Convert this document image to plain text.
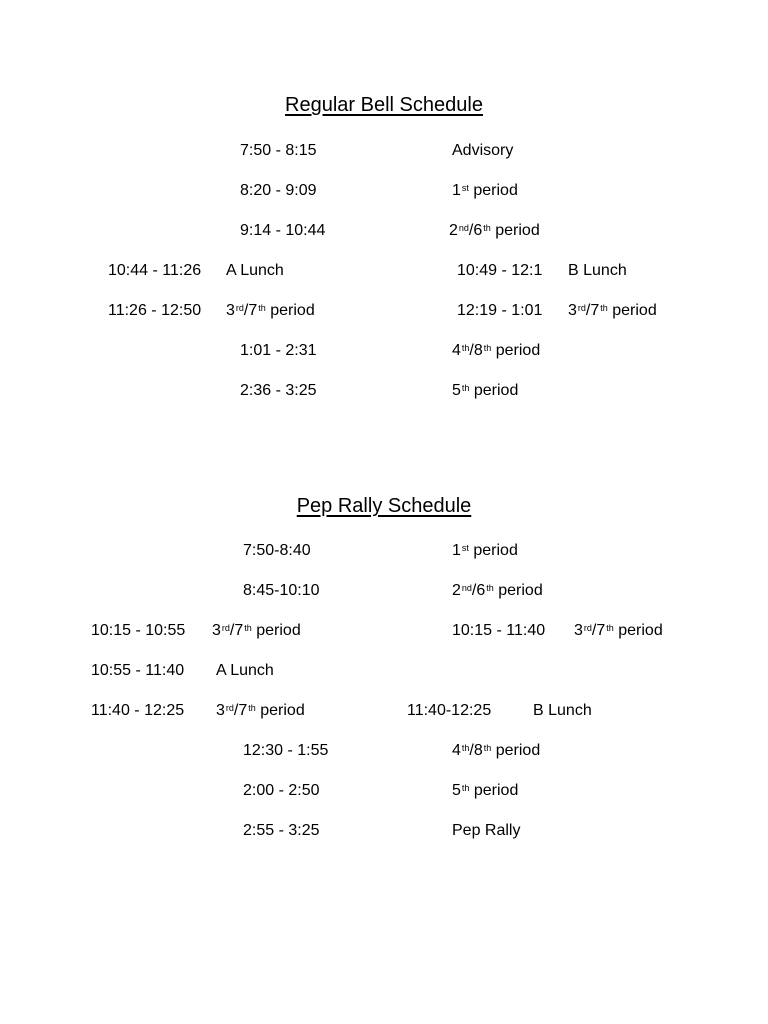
Regular Bell Schedule
7:50 - 8:15	Advisory
8:20 - 9:09	1st period
9:14 - 10:44	2nd/6th period
10:44 - 11:26 A Lunch	10:49 - 12:1 B Lunch
11:26 - 12:50 3rd/7th period	12:19 - 1:01 3rd/7th period
1:01 - 2:31	4th/8th period
2:36 - 3:25	5th period
Pep Rally Schedule
7:50-8:40	1st period
8:45-10:10	2nd/6th period
10:15 - 10:55 3rd/7th period	10:15 - 11:40 3rd/7th period
10:55 - 11:40 A Lunch
11:40 - 12:25 3rd/7th period	11:40-12:25	B Lunch
12:30 - 1:55	4th/8th period
2:00 - 2:50	5th period
2:55 - 3:25	Pep Rally
